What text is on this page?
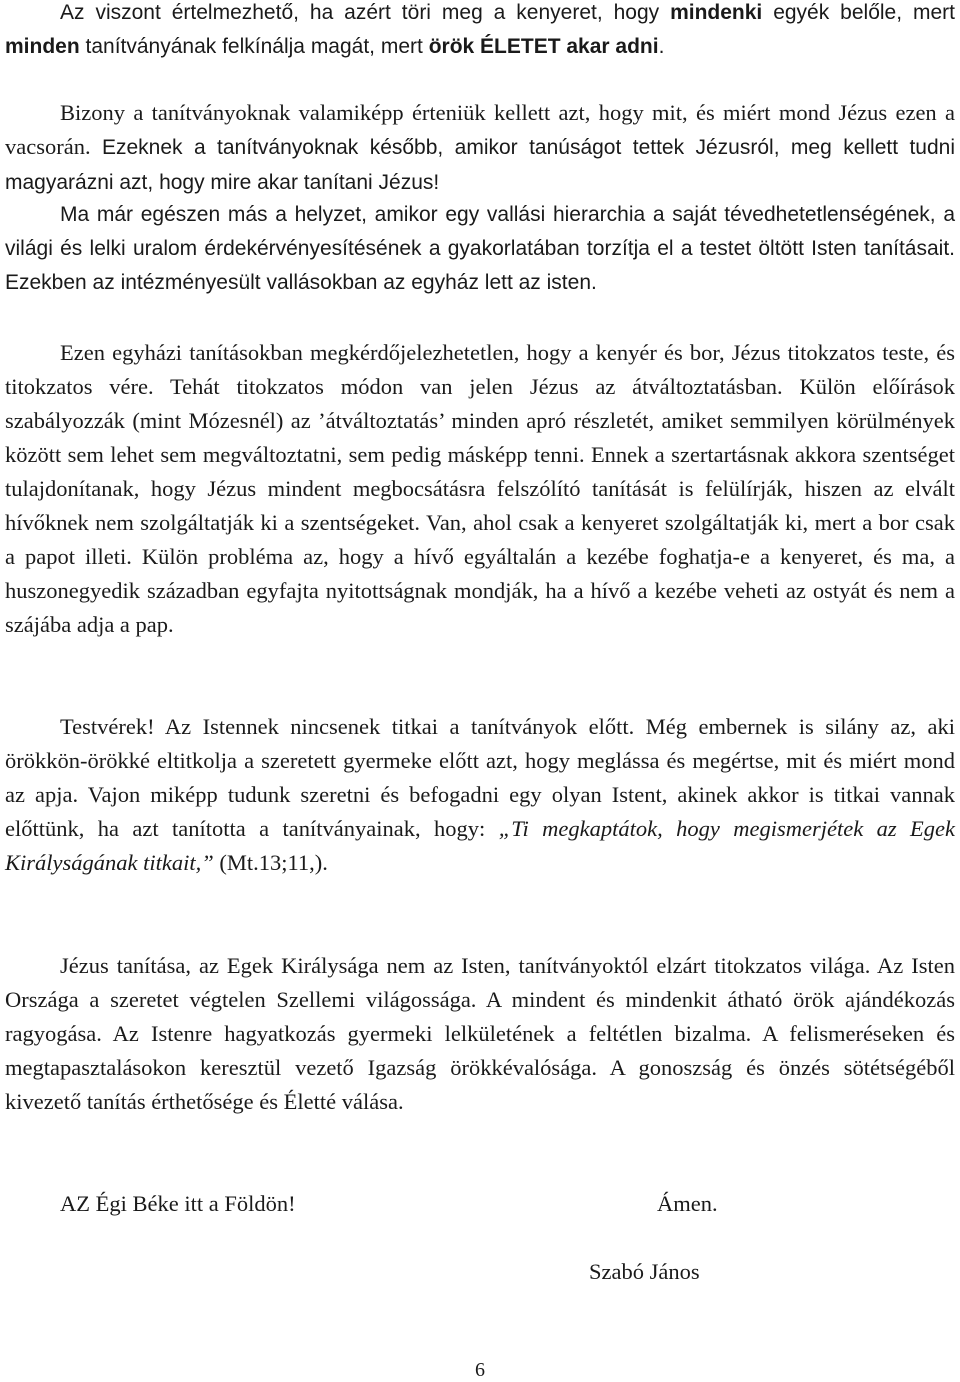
Az viszont értelmezhető, ha azért töri meg a kenyeret, hogy mindenki egyék belőle, mert minden tanítványának felkínálja magát, mert örök ÉLETET akar adni.

Bizony a tanítványoknak valamiképp érteniük kellett azt, hogy mit, és miért mond Jézus ezen a vacsorán. Ezeknek a tanítványoknak később, amikor tanúságot tettek Jézusról, meg kellett tudni magyarázni azt, hogy mire akar tanítani Jézus!

Ma már egészen más a helyzet, amikor egy vallási hierarchia a saját tévedhetetlenségének, a világi és lelki uralom érdekérvényesítésének a gyakorlatában torzítja el a testet öltött Isten tanításait. Ezekben az intézményesült vallásokban az egyház lett az isten.

Ezen egyházi tanításokban megkérdőjelezhetetlen, hogy a kenyér és bor, Jézus titokzatos teste, és titokzatos vére. Tehát titokzatos módon van jelen Jézus az átváltoztatásban. Külön előírások szabályozzák (mint Mózesnél) az ’átváltoztatás’ minden apró részletét, amiket semmilyen körülmények között sem lehet sem megváltoztatni, sem pedig másképp tenni. Ennek a szertartásnak akkora szentséget tulajdonítanak, hogy Jézus mindent megbocsátásra felszólító tanítását is felülírják, hiszen az elvált hívőknek nem szolgáltatják ki a szentségeket. Van, ahol csak a kenyeret szolgáltatják ki, mert a bor csak a papot illeti. Külön probléma az, hogy a hívő egyáltalán a kezébe foghatja-e a kenyeret, és ma, a huszonegyedik században egyfajta nyitottságnak mondják, ha a hívő a kezébe veheti az ostyát és nem a szájába adja a pap.

Testvérek! Az Istennek nincsenek titkai a tanítványok előtt. Még embernek is silány az, aki örökkön-örökké eltitkolja a szeretett gyermeke előtt azt, hogy meglássa és megértse, mit és miért mond az apja. Vajon miképp tudunk szeretni és befogadni egy olyan Istent, akinek akkor is titkai vannak előttünk, ha azt tanította a tanítványainak, hogy: „Ti megkaptátok, hogy megismerjétek az Egek Királyságának titkait,” (Mt.13;11,).

Jézus tanítása, az Egek Királysága nem az Isten, tanítványoktól elzárt titokzatos világa. Az Isten Országa a szeretet végtelen Szellemi világossága. A mindent és mindenkit átható örök ajándékozás ragyogása. Az Istenre hagyatkozás gyermeki lelkületének a feltétlen bizalma. A felismeréseken és megtapasztalásokon keresztül vezető Igazság örökkévalósága. A gonoszság és önzés sötétségéből kivezető tanítás érthetősége és Életté válása.

AZ Égi Béke itt a Földön!	Ámen.
Szabó János
6
